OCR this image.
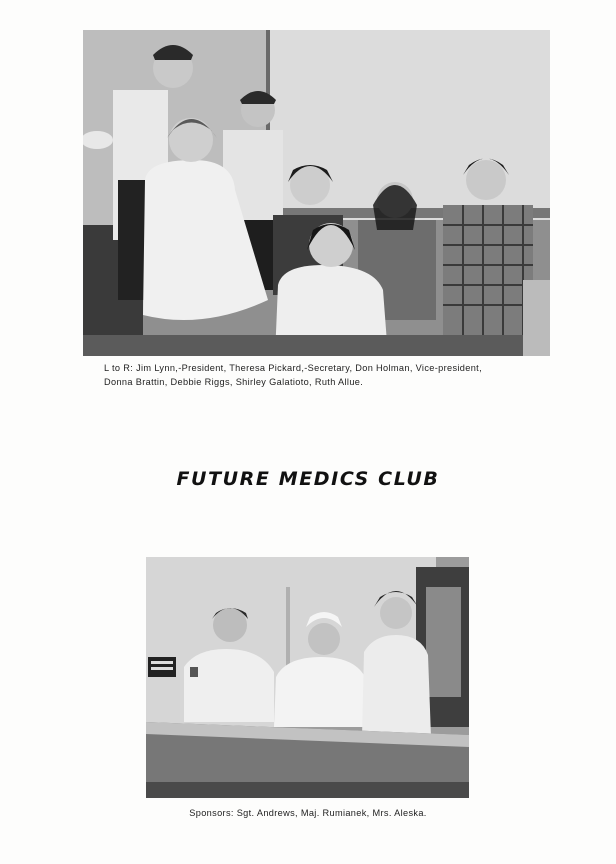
L to R: Jim Lynn,-President, Theresa Pickard,-Secretary, Don Holman, Vice-president,
Donna Brattin, Debbie Riggs, Shirley Galatioto, Ruth Allue.
FUTURE MEDICS CLUB
Sponsors: Sgt. Andrews, Maj. Rumianek, Mrs. Aleska.
